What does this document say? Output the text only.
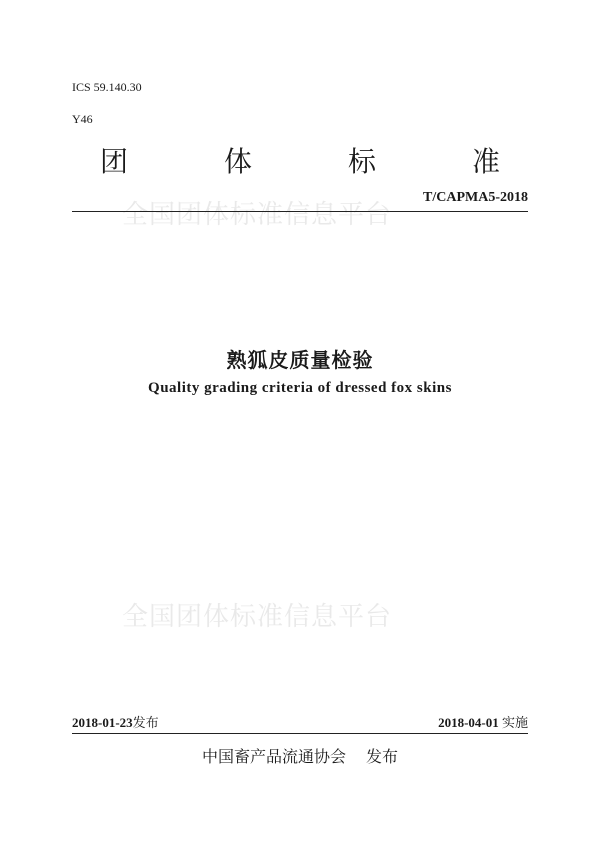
ICS 59.140.30
Y46
团	体	标	准
全国团体标准信息平台
T/CAPMA5-2018
熟狐皮质量检验
Quality grading criteria of dressed fox skins
全国团体标准信息平台
2018-01-23发布	2018-04-01 实施
中国畜产品流通协会 发布
